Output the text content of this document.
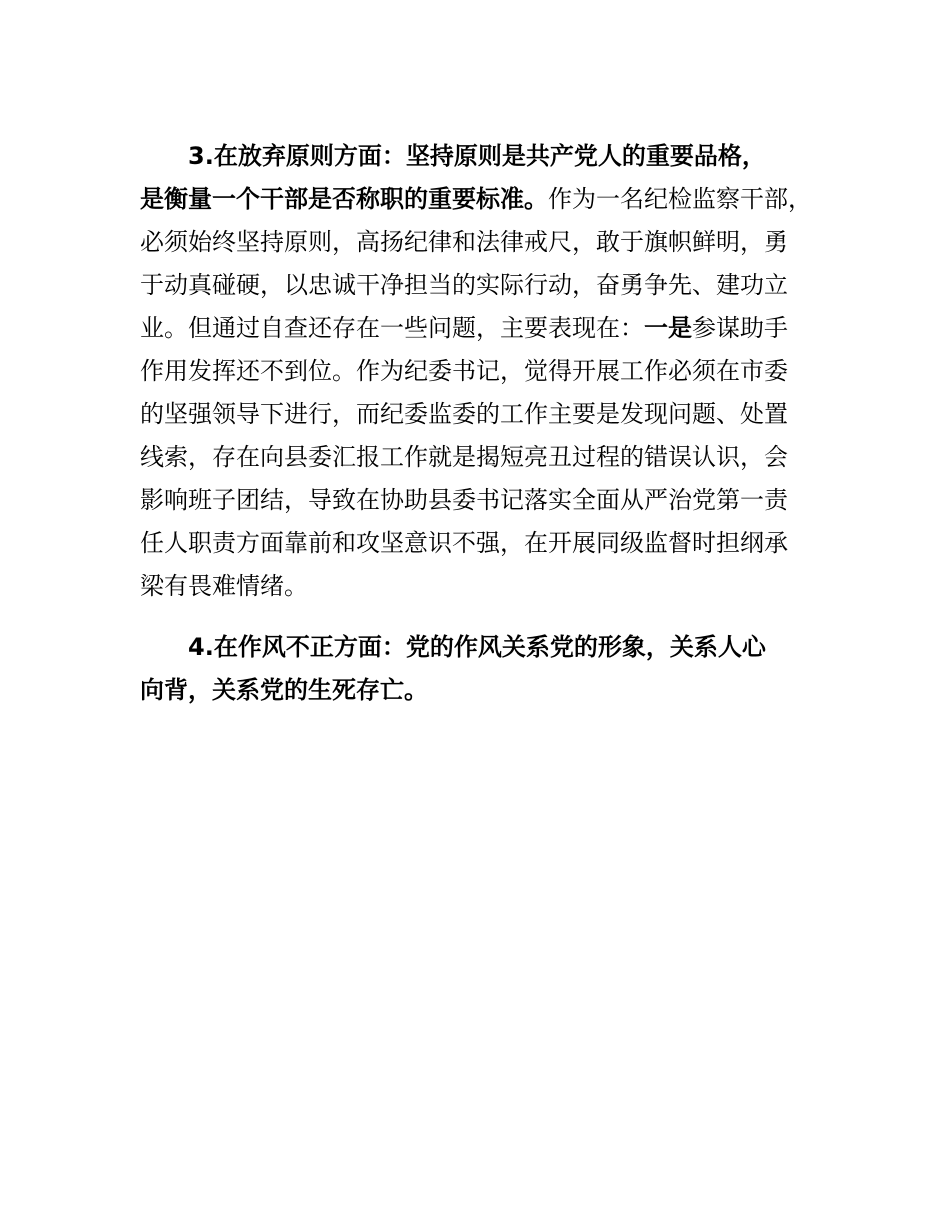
3.在放弃原则方面：坚持原则是共产党人的重要品格，
是衡量一个干部是否称职的重要标准。作为一名纪检监察干部，
必须始终坚持原则，高扬纪律和法律戒尺，敢于旗帜鲜明，勇
于动真碰硬，以忠诚干净担当的实际行动，奋勇争先、建功立
业。但通过自查还存在一些问题，主要表现在：一是参谋助手
作用发挥还不到位。作为纪委书记，觉得开展工作必须在市委
的坚强领导下进行，而纪委监委的工作主要是发现问题、处置
线索，存在向县委汇报工作就是揭短亮丑过程的错误认识，会
影响班子团结，导致在协助县委书记落实全面从严治党第一责
任人职责方面靠前和攻坚意识不强，在开展同级监督时担纲承
梁有畏难情绪。

4.在作风不正方面：党的作风关系党的形象，关系人心
向背，关系党的生死存亡。
